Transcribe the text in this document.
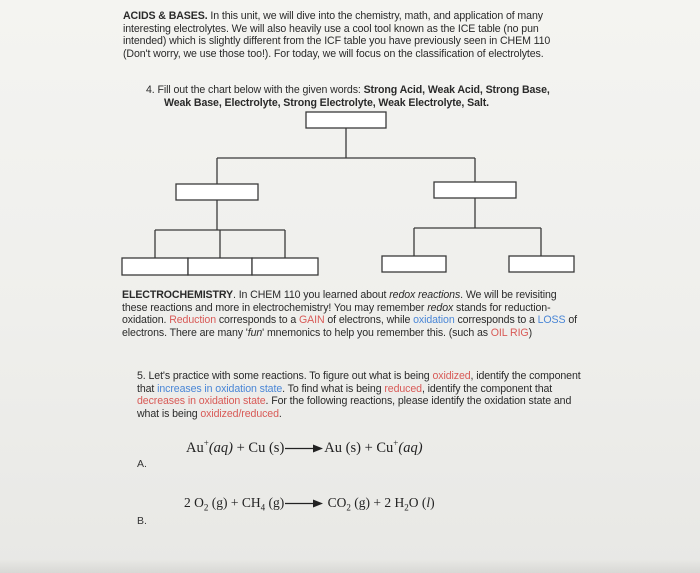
ACIDS & BASES. In this unit, we will dive into the chemistry, math, and application of many interesting electrolytes. We will also heavily use a cool tool known as the ICE table (no pun intended) which is slightly different from the ICF table you have previously seen in CHEM 110 (Don't worry, we use those too!). For today, we will focus on the classification of electrolytes.

4. Fill out the chart below with the given words: Strong Acid, Weak Acid, Strong Base,
Weak Base, Electrolyte, Strong Electrolyte, Weak Electrolyte, Salt.

ELECTROCHEMISTRY. In CHEM 110 you learned about redox reactions. We will be revisiting these reactions and more in electrochemistry! You may remember redox stands for reduction-oxidation. Reduction corresponds to a GAIN of electrons, while oxidation corresponds to a LOSS of electrons. There are many 'fun' mnemonics to help you remember this. (such as OIL RIG)

5. Let's practice with some reactions. To figure out what is being oxidized, identify the component that increases in oxidation state. To find what is being reduced, identify the component that decreases in oxidation state. For the following reactions, please identify the oxidation state and what is being oxidized/reduced.

Au+(aq) + Cu (s)→Au (s) + Cu+(aq)
A.
2 $O_2$ $(g) + CH_4$ $(g)\to CO_2$ (g) + 2 $H_2O$ (l)
B.
